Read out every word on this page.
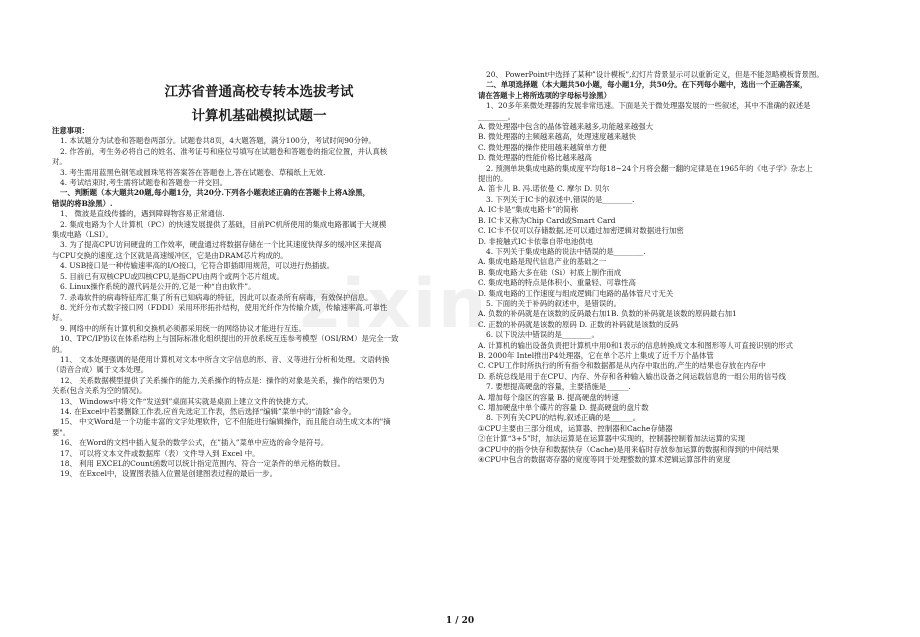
zixin
江苏省普通高校专转本选拔考试
计算机基础模拟试题一
注意事项：
1. 本试题分为试卷和答题卷两部分。试题卷共8页，4大题答题，满分100分，考试时间90分钟。
2. 作答前，考生务必将自己的姓名、准考证号和座位号填写在试题卷和答题卷的指定位置，并认真核
对。
3. 考生需用蓝黑色钢笔或圆珠笔将答案答在答题卷上,答在试题卷、草稿纸上无效.
4. 考试结束时,考生需将试题卷和答题卷一并交回。
一、判断题（本大题共20题,每小题1分，共20分.下列各小题表述正确的在答题卡上将A涂黑，
错误的将B涂黑）.
1、 微波是直线传播的，遇到障碍物容易正常通信.
2. 集成电路为个人计算机（PC）的快速发展提供了基础，目前PC机所使用的集成电路都属于大规模
集成电路（LSI）。
3. 为了提高CPU访问硬盘的工作效率，硬盘通过将数据存储在一个比其速度快得多的缓冲区来提高
与CPU交换的速度,这个区就是高速缓冲区，它是由DRAM芯片构成的。
4. USB接口是一种传输速率高的I/O接口，它符合即插即用规范，可以进行热插拔。
5. 目前已有双核CPU或四核CPU,是指CPU由两个或两个芯片组成。
6. Linux操作系统的源代码是公开的,它是一种“自由软件”。
7. 杀毒软件的病毒特征库汇集了所有已知病毒的特征，因此可以查杀所有病毒，有效保护信息。
8. 光纤分布式数字接口网（FDDI）采用环形拓扑结构，使用光纤作为传输介质，传输速率高,可靠性
好。
9. 网络中的所有计算机和交换机必须都采用统一的网络协议才能进行互连。
10、TPC/IP协议在体系结构上与国际标准化组织提出的开放系统互连参考模型（OSI/RM）是完全一致
的。
11、 文本处理强调的是使用计算机对文本中所含文字信息的形、音、义等进行分析和处理。文语转换
（语音合成）属于文本处理。
12、 关系数据模型提供了关系操作的能力,关系操作的特点是：操作的对象是关系，操作的结果仍为
关系(包含关系为空的情况)。
13、 Windows中将文件“发送到”桌面其实就是桌面上建立文件的快捷方式。
14. 在Excel中若要删除工作表,应首先选定工作表，然后选择“编辑”菜单中的“清除”命令。
15、 中文Word是一个功能丰富的文字处理软件，它不但能进行编辑操作，而且能自动生成文本的"摘
要"。
16、 在Word的文档中插入复杂的数学公式，在”插入”菜单中应选的命令是符号。
17、 可以将文本文件或数据库（表）文件导入到 Excel 中。
18、 利用 EXCEL的Count函数可以统计指定范围内、符合一定条件的单元格的数目。
19、 在Excel中，设置图表插入位置是创建图表过程的最后一步。
20、 PowerPoint中选择了某种”设计模板”,幻灯片背景显示可以重新定义，但是不能忽略模板背景图。
二、单项选择题（本大题共50小题，每小题1分，共50分。在下列每小题中，选出一个正确答案，
请在答题卡上将所选项的字母标号涂黑）
1、20多年来微处理器的发展非常迅速。下面是关于微处理器发展的一些叙述，其中不准确的叙述是
________。
A. 微处理器中包含的晶体管越来越多,功能越来越强大
B. 微处理器的主频越来越高，处理速度越来越快
C. 微处理器的操作使用越来越简单方便
D. 微处理器的性能价格比越来越高
2. 预测单块集成电路的集成度平均每18~24个月将会翻一翻的定律是在1965年的《电子学》杂志上
提出的。
A. 笛卡儿 B. 冯.诺依曼 C. 摩尔 D. 贝尔
3. 下列关于IC卡的叙述中,错误的是________.
A. IC卡是“集成电路卡”的简称
B. IC卡又称为Chip Card或Smart Card
C. IC卡不仅可以存储数据,还可以通过加密逻辑对数据进行加密
D. 非接触式IC卡依靠自带电池供电
4. 下列关于集成电路的说法中错误的是________.
A. 集成电路是现代信息产业的基础之一
B. 集成电路大多在硅（Si）衬底上制作而成
C. 集成电路的特点是体积小、重量轻、可靠性高
D. 集成电路的工作速度与组成逻辑门电路的晶体管尺寸无关
5. 下面的关于补码的叙述中，是错误的。
A. 负数的补码就是在该数的反码最右加1B. 负数的补码就是该数的原码最右加1
C. 正数的补码就是该数的原码 D. 正数的补码就是该数的反码
6. 以下说法中错误的是________。
A. 计算机的输出设备负责把计算机中用0和1表示的信息转换成文本和图形等人可直接识别的形式
B. 2000年 Intel推出P4处理器，它在单个芯片上集成了近千万个晶体管
C. CPU工作时所执行的所有指令和数据都是从内存中取出的,产生的结果也存放在内存中
D. 系统总线是用于在CPU、内存、外存和各种输入输出设备之间运载信息的一组公用的信号线
7. 要想提高硬盘的容量，主要措施是______.
A. 增加每个扇区的容量 B. 提高硬盘的转速
C. 增加硬盘中单个碟片的容量 D. 提高硬盘的盘片数
8. 下列有关CPU的结构,叙述正确的是______。
①CPU主要由三部分组成，运算器、控制器和Cache存储器
②在计算“3+5”时，加法运算是在运算器中实现的，控制器控制着加法运算的实现
③CPU中的指令快存和数据快存（Cache)是用来临时存放参加运算的数据和得到的中间结果
④CPU中包含的数据寄存器的宽度等同于处理整数的算术逻辑运算部件的宽度
1 / 20
